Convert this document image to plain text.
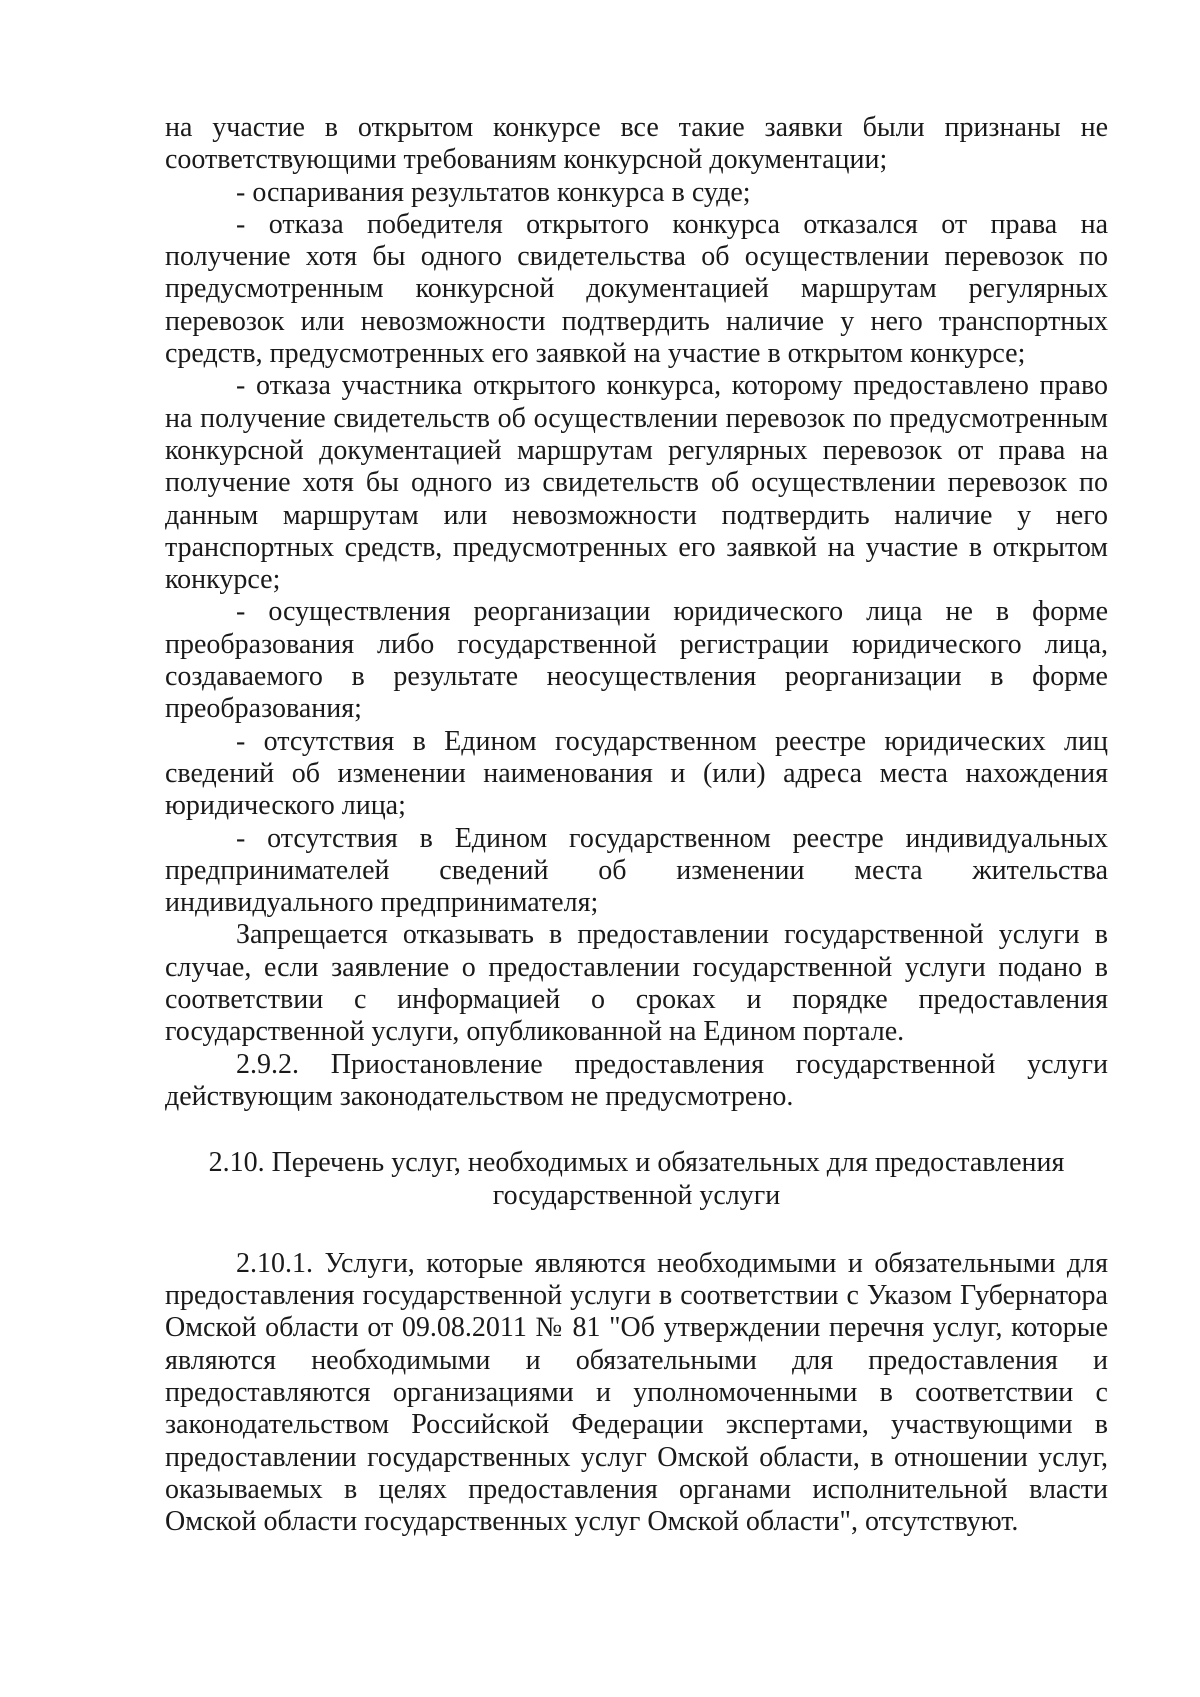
на участие в открытом конкурсе все такие заявки были признаны не соответствующими требованиям конкурсной документации;

- оспаривания результатов конкурса в суде;

- отказа победителя открытого конкурса отказался от права на получение хотя бы одного свидетельства об осуществлении перевозок по предусмотренным конкурсной документацией маршрутам регулярных перевозок или невозможности подтвердить наличие у него транспортных средств, предусмотренных его заявкой на участие в открытом конкурсе;

- отказа участника открытого конкурса, которому предоставлено право на получение свидетельств об осуществлении перевозок по предусмотренным конкурсной документацией маршрутам регулярных перевозок от права на получение хотя бы одного из свидетельств об осуществлении перевозок по данным маршрутам или невозможности подтвердить наличие у него транспортных средств, предусмотренных его заявкой на участие в открытом конкурсе;

- осуществления реорганизации юридического лица не в форме преобразования либо государственной регистрации юридического лица, создаваемого в результате неосуществления реорганизации в форме преобразования;

- отсутствия в Едином государственном реестре юридических лиц сведений об изменении наименования и (или) адреса места нахождения юридического лица;

- отсутствия в Едином государственном реестре индивидуальных предпринимателей сведений об изменении места жительства индивидуального предпринимателя;

Запрещается отказывать в предоставлении государственной услуги в случае, если заявление о предоставлении государственной услуги подано в соответствии с информацией о сроках и порядке предоставления государственной услуги, опубликованной на Едином портале.

2.9.2. Приостановление предоставления государственной услуги действующим законодательством не предусмотрено.

2.10. Перечень услуг, необходимых и обязательных для предоставления
государственной услуги

2.10.1. Услуги, которые являются необходимыми и обязательными для предоставления государственной услуги в соответствии с Указом Губернатора Омской области от 09.08.2011 № 81 "Об утверждении перечня услуг, которые являются необходимыми и обязательными для предоставления и предоставляются организациями и уполномоченными в соответствии с законодательством Российской Федерации экспертами, участвующими в предоставлении государственных услуг Омской области, в отношении услуг, оказываемых в целях предоставления органами исполнительной власти Омской области государственных услуг Омской области", отсутствуют.
